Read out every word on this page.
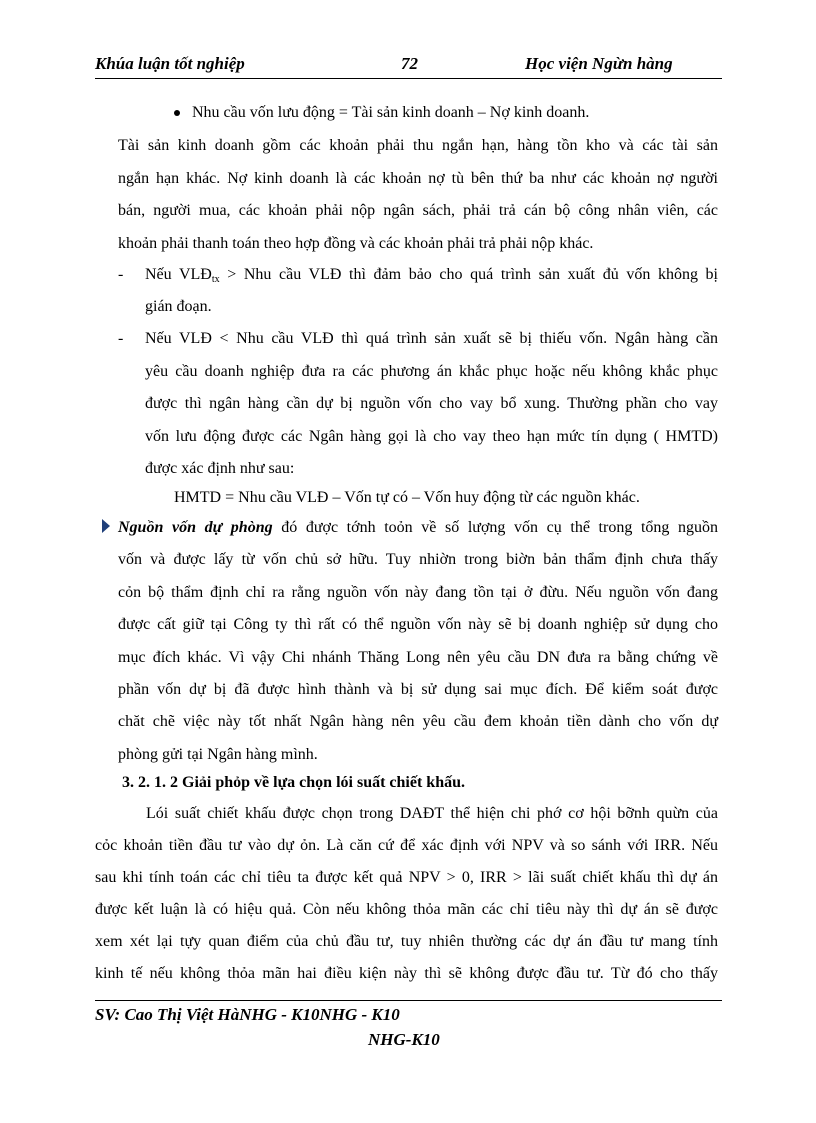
Khúa luận tốt nghiệp	72	Học viện Ngừn hàng
Nhu cầu vốn lưu động = Tài sản kinh doanh – Nợ kinh doanh.
Tài sản kinh doanh gồm các khoản phải thu ngắn hạn, hàng tồn kho và các tài sản
ngắn hạn khác. Nợ kinh doanh là các khoản nợ tù bên thứ ba như các khoản nợ người
bán, người mua, các khoản phải nộp ngân sách, phải trả cán bộ công nhân viên, các
khoản phải thanh toán theo hợp đồng và các khoản phải trả phải nộp khác.
- Nếu $VLĐ_{tx}$ > Nhu cầu VLĐ thì đảm bảo cho quá trình sản xuất đủ vốn không bị
gián đoạn.
- Nếu VLĐ < Nhu cầu VLĐ thì quá trình sản xuất sẽ bị thiếu vốn. Ngân hàng cần
yêu cầu doanh nghiệp đưa ra các phương án khắc phục hoặc nếu không khắc phục
được thì ngân hàng cần dự bị nguồn vốn cho vay bổ xung. Thường phần cho vay
vốn lưu động được các Ngân hàng gọi là cho vay theo hạn mức tín dụng ( HMTD)
được xác định như sau:
HMTD = Nhu cầu VLĐ – Vốn tự có – Vốn huy động từ các nguồn khác.
Nguồn vốn dự phòng đó được tớnh toỏn về số lượng vốn cụ thể trong tổng nguồn
vốn và được lấy từ vốn chủ sở hữu. Tuy nhiờn trong biờn bản thẩm định chưa thấy
cỏn bộ thẩm định chỉ ra rằng nguồn vốn này đang tồn tại ở đừu. Nếu nguồn vốn đang
được cất giữ tại Công ty thì rất có thể nguồn vốn này sẽ bị doanh nghiệp sử dụng cho
mục đích khác. Vì vậy Chi nhánh Thăng Long nên yêu cầu DN đưa ra bằng chứng về
phần vốn dự bị đã được hình thành và bị sử dụng sai mục đích. Để kiểm soát được
chăt chẽ việc này tốt nhất Ngân hàng nên yêu cầu đem khoản tiền dành cho vốn dự
phòng gửi tại Ngân hàng mình.
3. 2. 1. 2 Giải phỏp về lựa chọn lói suất chiết khấu.
Lói suất chiết khấu được chọn trong DAĐT thể hiện chi phớ cơ hội bỡnh quừn của
cỏc khoản tiền đầu tư vào dự ỏn. Là căn cứ để xác định với NPV và so sánh với IRR. Nếu
sau khi tính toán các chỉ tiêu ta được kết quả NPV > 0, IRR > lãi suất chiết khấu thì dự án
được kết luận là có hiệu quả. Còn nếu không thỏa mãn các chỉ tiêu này thì dự án sẽ được
xem xét lại tựy quan điểm của chủ đầu tư, tuy nhiên thường các dự án đầu tư mang tính
kinh tế nếu không thỏa mãn hai điều kiện này thì sẽ không được đầu tư. Từ đó cho thấy
SV: Cao Thị Việt HàNHG - K10NHG - K10
NHG-K10
